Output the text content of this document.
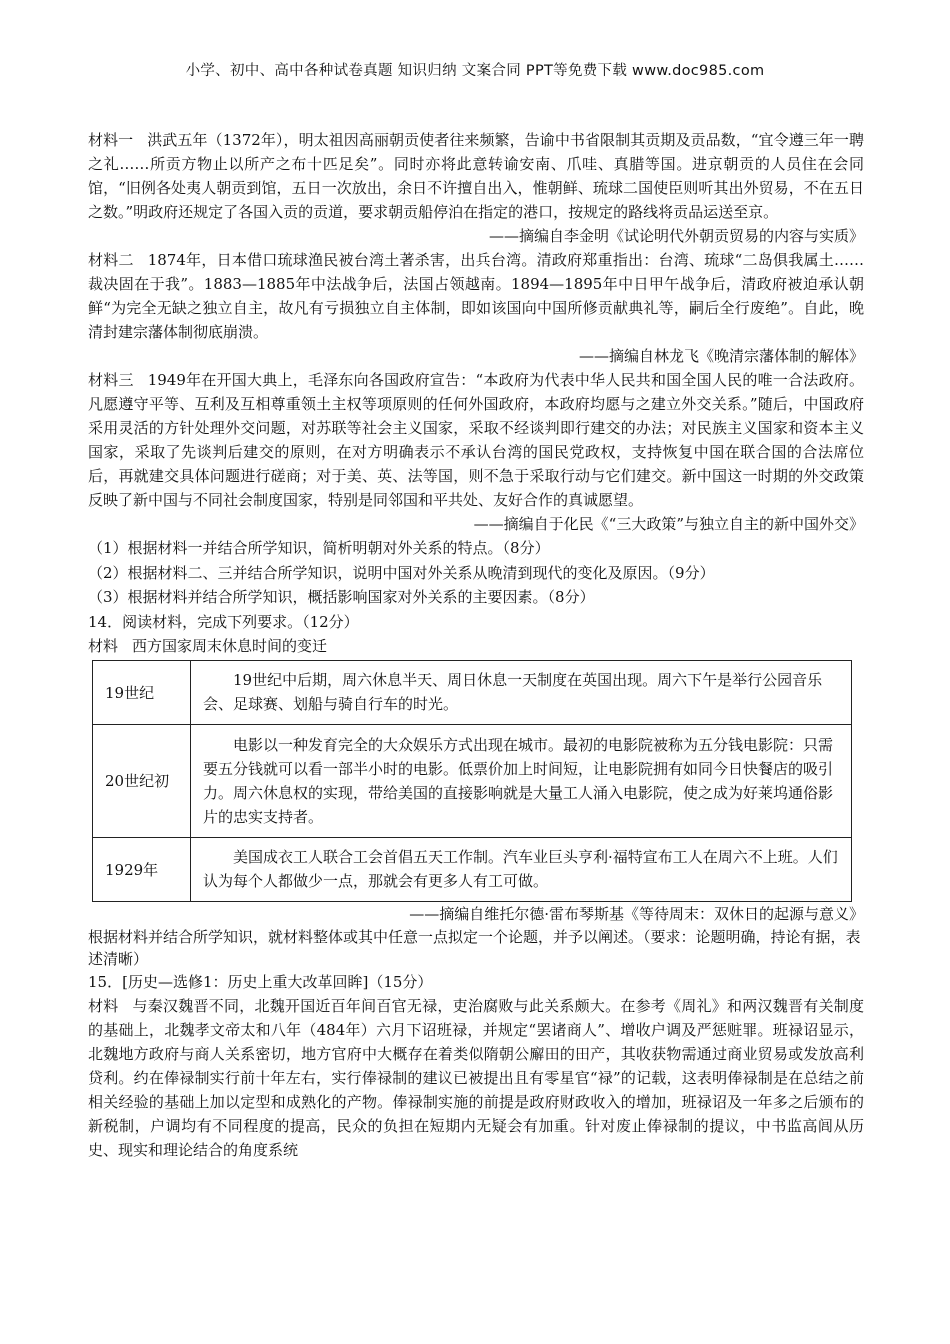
小学、初中、高中各种试卷真题 知识归纳 文案合同 PPT等免费下载 www.doc985.com

材料一 洪武五年（1372年），明太祖因高丽朝贡使者往来频繁，告谕中书省限制其贡期及贡品数，“宜令遵三年一聘之礼……所贡方物止以所产之布十匹足矣”。同时亦将此意转谕安南、爪哇、真腊等国。进京朝贡的人员住在会同馆，“旧例各处夷人朝贡到馆，五日一次放出，余日不许擅自出入，惟朝鲜、琉球二国使臣则听其出外贸易，不在五日之数。”明政府还规定了各国入贡的贡道，要求朝贡船停泊在指定的港口，按规定的路线将贡品运送至京。

——摘编自李金明《试论明代外朝贡贸易的内容与实质》

材料二 1874年，日本借口琉球渔民被台湾土著杀害，出兵台湾。清政府郑重指出：台湾、琉球“二岛俱我属土……裁决固在于我”。1883—1885年中法战争后，法国占领越南。1894—1895年中日甲午战争后，清政府被迫承认朝鲜“为完全无缺之独立自主，故凡有亏损独立自主体制，即如该国向中国所修贡献典礼等，嗣后全行废绝”。自此，晚清封建宗藩体制彻底崩溃。

——摘编自林龙飞《晚清宗藩体制的解体》

材料三 1949年在开国大典上，毛泽东向各国政府宣告：“本政府为代表中华人民共和国全国人民的唯一合法政府。凡愿遵守平等、互利及互相尊重领土主权等项原则的任何外国政府，本政府均愿与之建立外交关系。”随后，中国政府采用灵活的方针处理外交问题，对苏联等社会主义国家，采取不经谈判即行建交的办法；对民族主义国家和资本主义国家，采取了先谈判后建交的原则，在对方明确表示不承认台湾的国民党政权，支持恢复中国在联合国的合法席位后，再就建交具体问题进行磋商；对于美、英、法等国，则不急于采取行动与它们建交。新中国这一时期的外交政策反映了新中国与不同社会制度国家，特别是同邻国和平共处、友好合作的真诚愿望。

——摘编自于化民《“三大政策”与独立自主的新中国外交》

（1）根据材料一并结合所学知识，简析明朝对外关系的特点。（8分）

（2）根据材料二、三并结合所学知识，说明中国对外关系从晚清到现代的变化及原因。（9分）

（3）根据材料并结合所学知识，概括影响国家对外关系的主要因素。（8分）

14．阅读材料，完成下列要求。（12分）

材料 西方国家周末休息时间的变迁

19世纪	19世纪中后期，周六休息半天、周日休息一天制度在英国出现。周六下午是举行公园音乐会、足球赛、划船与骑自行车的时光。
20世纪初	电影以一种发育完全的大众娱乐方式出现在城市。最初的电影院被称为五分钱电影院：只需要五分钱就可以看一部半小时的电影。低票价加上时间短，让电影院拥有如同今日快餐店的吸引力。周六休息权的实现，带给美国的直接影响就是大量工人涌入电影院，使之成为好莱坞通俗影片的忠实支持者。
1929年	美国成衣工人联合工会首倡五天工作制。汽车业巨头亨利·福特宣布工人在周六不上班。人们认为每个人都做少一点，那就会有更多人有工可做。

——摘编自维托尔德·雷布琴斯基《等待周末：双休日的起源与意义》

根据材料并结合所学知识，就材料整体或其中任意一点拟定一个论题，并予以阐述。（要求：论题明确，持论有据，表述清晰）

15．[历史—选修1：历史上重大改革回眸]（15分）

材料 与秦汉魏晋不同，北魏开国近百年间百官无禄，吏治腐败与此关系颇大。在参考《周礼》和两汉魏晋有关制度的基础上，北魏孝文帝太和八年（484年）六月下诏班禄，并规定“罢诸商人”、增收户调及严惩赃罪。班禄诏显示，北魏地方政府与商人关系密切，地方官府中大概存在着类似隋朝公廨田的田产，其收获物需通过商业贸易或发放高利贷利。约在俸禄制实行前十年左右，实行俸禄制的建议已被提出且有零星官“禄”的记载，这表明俸禄制是在总结之前相关经验的基础上加以定型和成熟化的产物。俸禄制实施的前提是政府财政收入的增加，班禄诏及一年多之后颁布的新税制，户调均有不同程度的提高，民众的负担在短期内无疑会有加重。针对废止俸禄制的提议，中书监高闾从历史、现实和理论结合的角度系统
